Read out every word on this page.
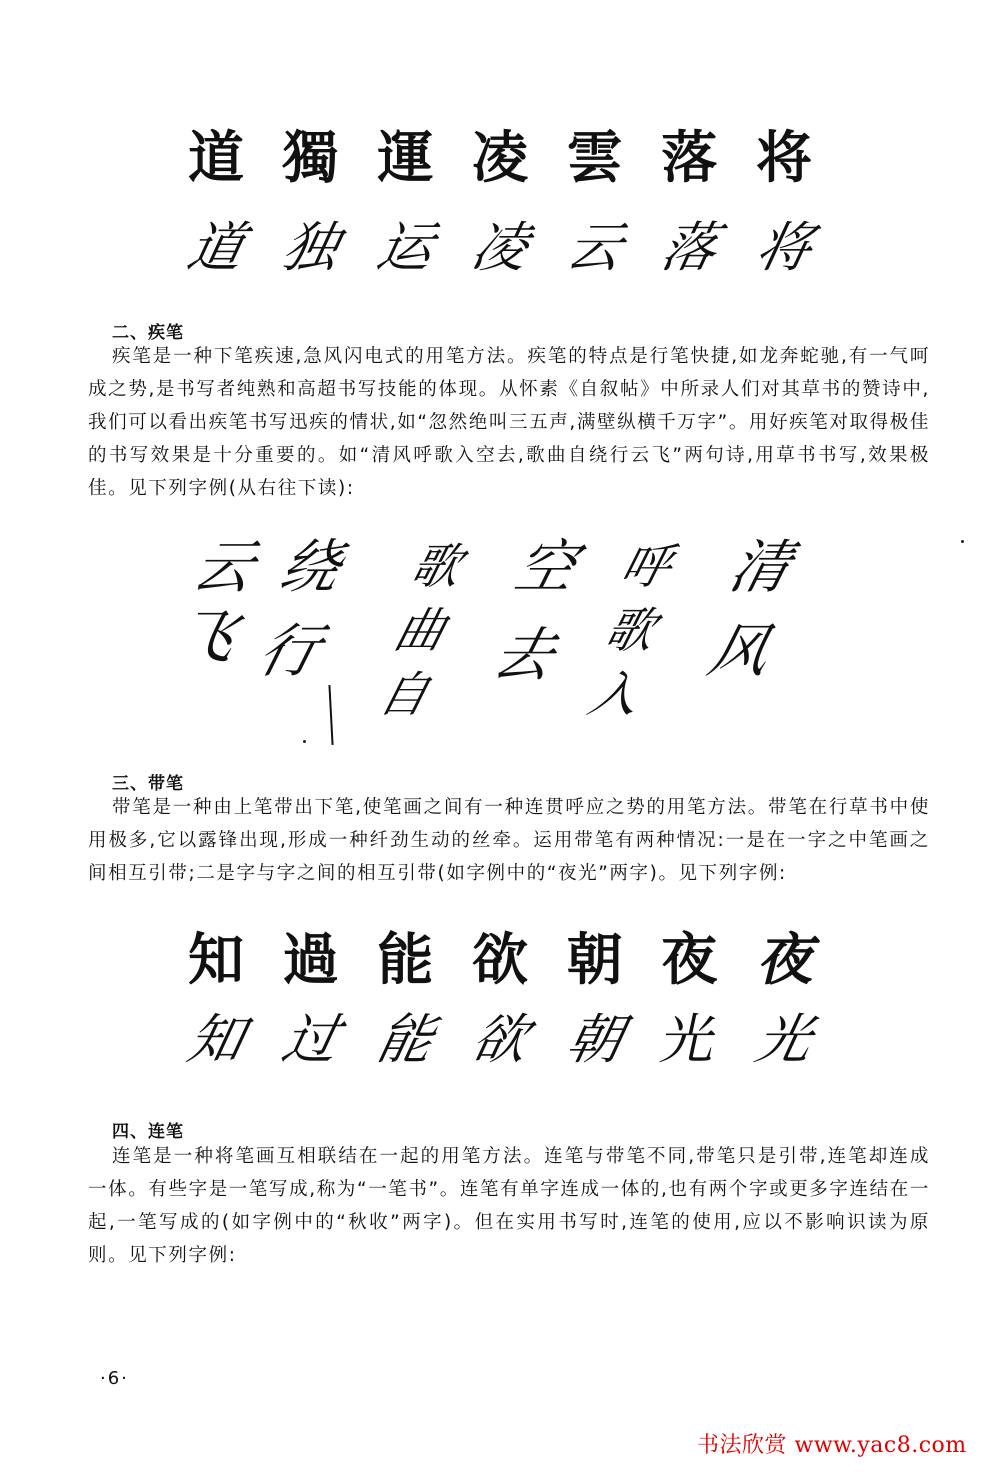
道 獨 運 凌 雲 落 将
道 独 运 凌 云 落 将
二、疾笔

疾笔是一种下笔疾速,急风闪电式的用笔方法。疾笔的特点是行笔快捷,如龙奔蛇驰,有一气呵成之势,是书写者纯熟和高超书写技能的体现。从怀素《自叙帖》中所录人们对其草书的赞诗中,我们可以看出疾笔书写迅疾的情状,如“忽然绝叫三五声,满壁纵横千万字”。用好疾笔对取得极佳的书写效果是十分重要的。如“清风呼歌入空去,歌曲自绕行云飞”两句诗,用草书书写,效果极佳。见下列字例(从右往下读):

清
风
呼
歌
入
空
去
歌
曲
自
绕
行
云
飞
三、带笔

带笔是一种由上笔带出下笔,使笔画之间有一种连贯呼应之势的用笔方法。带笔在行草书中使用极多,它以露锋出现,形成一种纤劲生动的丝牵。运用带笔有两种情况:一是在一字之中笔画之间相互引带;二是字与字之间的相互引带(如字例中的“夜光”两字)。见下列字例:

知 過 能 欲 朝 夜 夜
知 过 能 欲 朝 光 光
四、连笔

连笔是一种将笔画互相联结在一起的用笔方法。连笔与带笔不同,带笔只是引带,连笔却连成一体。有些字是一笔写成,称为“一笔书”。连笔有单字连成一体的,也有两个字或更多字连结在一起,一笔写成的(如字例中的“秋收”两字)。但在实用书写时,连笔的使用,应以不影响识读为原则。见下列字例:

·6·
书法欣赏 www.yac8.com
